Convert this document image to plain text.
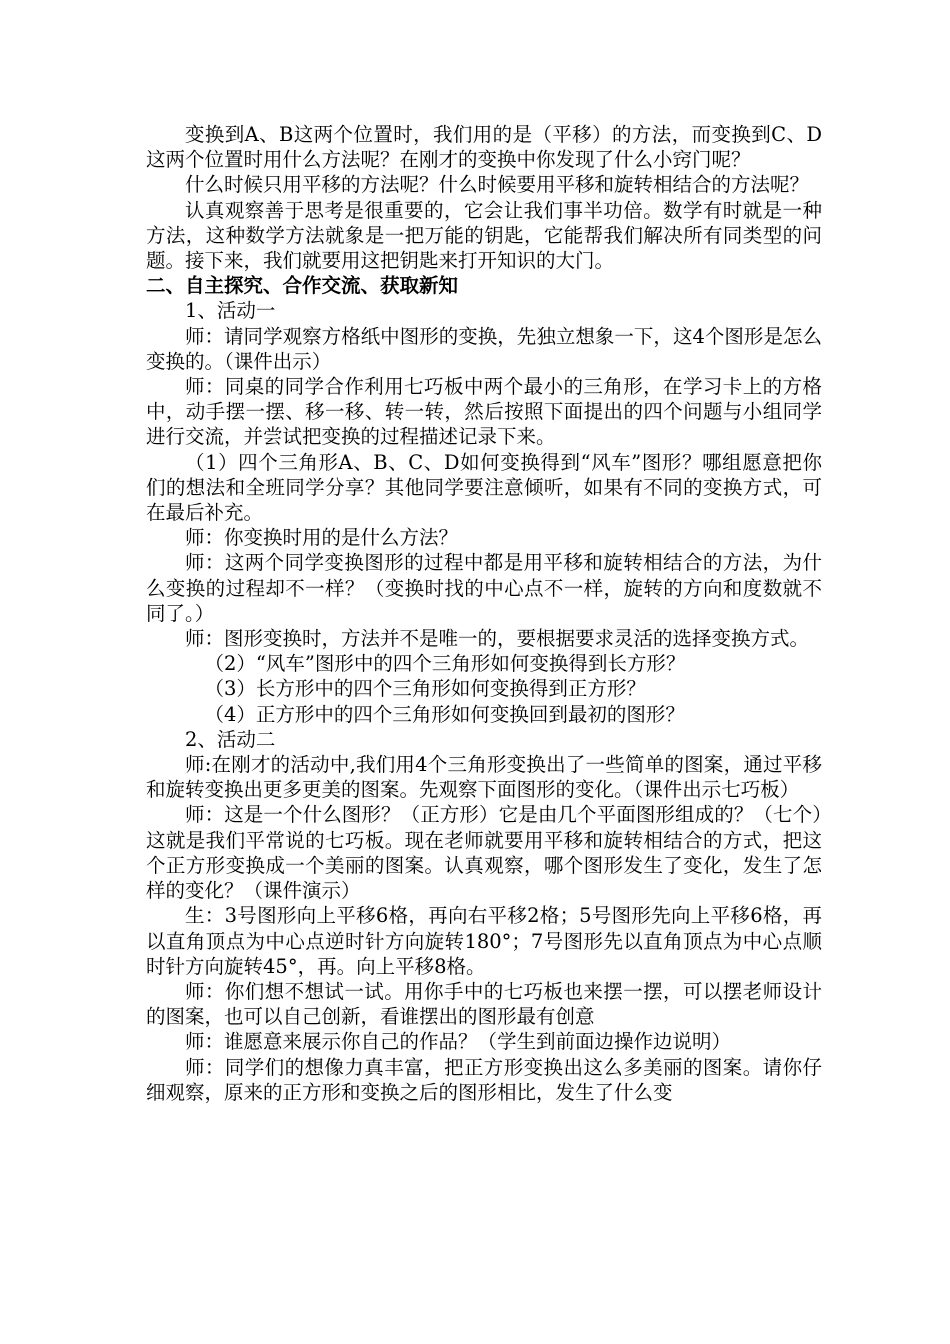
变换到A、B这两个位置时，我们用的是（平移）的方法，而变换到C、D这两个位置时用什么方法呢？在刚才的变换中你发现了什么小窍门呢？

什么时候只用平移的方法呢？什么时候要用平移和旋转相结合的方法呢？

认真观察善于思考是很重要的，它会让我们事半功倍。数学有时就是一种方法，这种数学方法就象是一把万能的钥匙，它能帮我们解决所有同类型的问题。接下来，我们就要用这把钥匙来打开知识的大门。

二、自主探究、合作交流、获取新知

1、活动一

师：请同学观察方格纸中图形的变换，先独立想象一下，这4个图形是怎么变换的。（课件出示）

师：同桌的同学合作利用七巧板中两个最小的三角形，在学习卡上的方格中，动手摆一摆、移一移、转一转，然后按照下面提出的四个问题与小组同学进行交流，并尝试把变换的过程描述记录下来。

（1）四个三角形A、B、C、D如何变换得到“风车”图形？哪组愿意把你们的想法和全班同学分享？其他同学要注意倾听，如果有不同的变换方式，可在最后补充。

师：你变换时用的是什么方法？

师：这两个同学变换图形的过程中都是用平移和旋转相结合的方法，为什么变换的过程却不一样？（变换时找的中心点不一样，旋转的方向和度数就不同了。）

师：图形变换时，方法并不是唯一的，要根据要求灵活的选择变换方式。

（2）“风车”图形中的四个三角形如何变换得到长方形？

（3）长方形中的四个三角形如何变换得到正方形？

（4）正方形中的四个三角形如何变换回到最初的图形？

2、活动二

师:在刚才的活动中,我们用4个三角形变换出了一些简单的图案，通过平移和旋转变换出更多更美的图案。先观察下面图形的变化。（课件出示七巧板）

师：这是一个什么图形？（正方形）它是由几个平面图形组成的？（七个）这就是我们平常说的七巧板。现在老师就要用平移和旋转相结合的方式，把这个正方形变换成一个美丽的图案。认真观察，哪个图形发生了变化，发生了怎样的变化？（课件演示）

生：3号图形向上平移6格，再向右平移2格；5号图形先向上平移6格，再以直角顶点为中心点逆时针方向旋转180°；7号图形先以直角顶点为中心点顺时针方向旋转45°，再。向上平移8格。

师：你们想不想试一试。用你手中的七巧板也来摆一摆，可以摆老师设计的图案，也可以自己创新，看谁摆出的图形最有创意

师：谁愿意来展示你自己的作品？（学生到前面边操作边说明）

师：同学们的想像力真丰富，把正方形变换出这么多美丽的图案。请你仔细观察，原来的正方形和变换之后的图形相比，发生了什么变
